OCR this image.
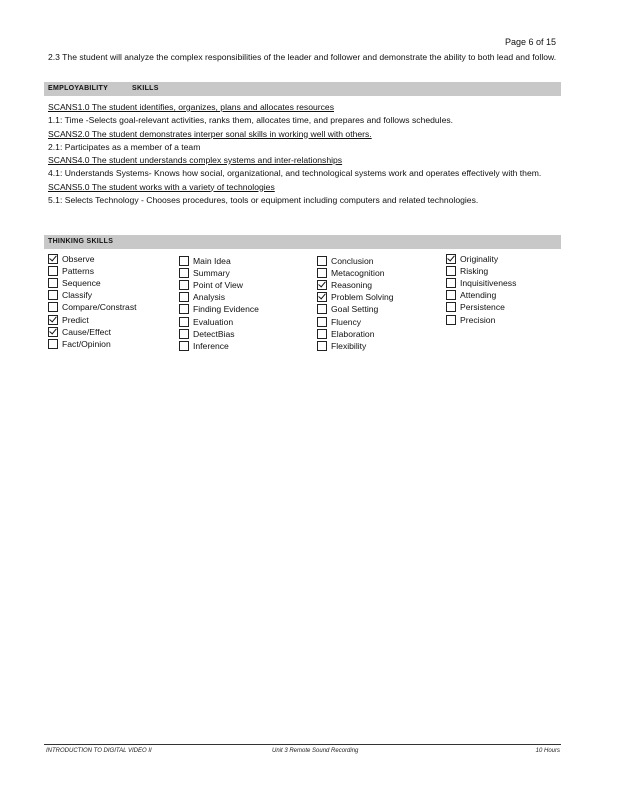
Page 6 of 15
2.3 The student will analyze the complex responsibilities of the leader and follower and demonstrate the ability to both lead and follow.
EMPLOYABILITY	SKILLS
SCANS1.0 The student identifies, organizes, plans and allocates resources
1.1: Time -Selects goal-relevant activities, ranks them, allocates time, and prepares and follows schedules.
SCANS2.0 The student demonstrates interper sonal skills in working well with others.
2.1: Participates as a member of a team
SCANS4.0 The student understands complex systems and inter-relationships
4.1: Understands Systems- Knows how social, organizational, and technological systems work and operates effectively with them.
SCANS5.0 The student works with a variety of technologies
5.1: Selects Technology - Chooses procedures, tools or equipment including computers and related technologies.
THINKING SKILLS
Observe
Patterns
Sequence
Classify
Compare/Constrast
Predict
Cause/Effect
Fact/Opinion
Main Idea
Summary
Point of View
Analysis
Finding Evidence
Evaluation
DetectBias
Inference
Conclusion
Metacognition
Reasoning
Problem Solving
Goal Setting
Fluency
Elaboration
Flexibility
Originality
Risking
Inquisitiveness
Attending
Persistence
Precision
INTRODUCTION TO DIGITAL VIDEO II	Unit 3 Remote Sound Recording	10 Hours
